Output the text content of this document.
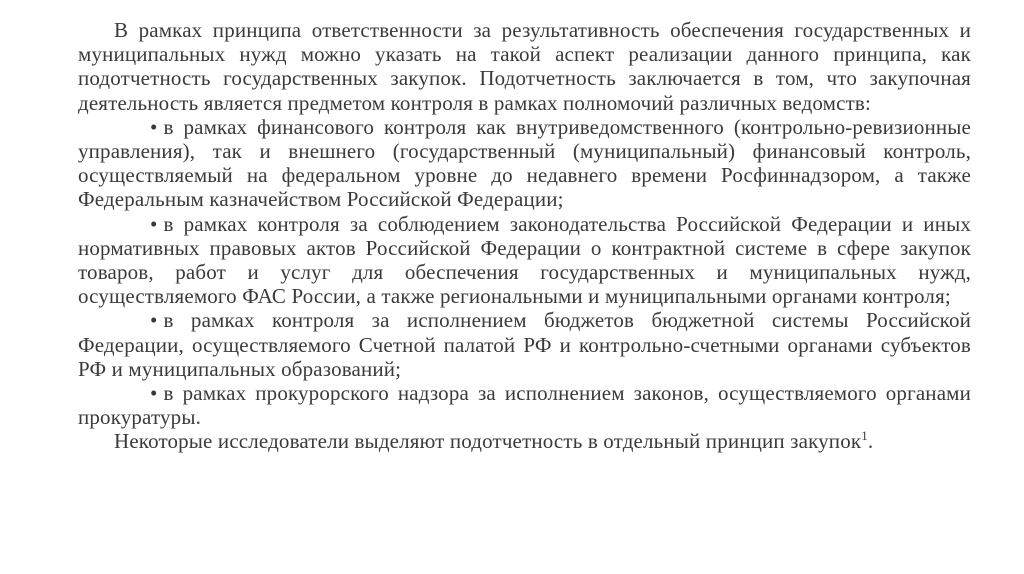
В рамках принципа ответственности за результативность обеспечения государственных и муниципальных нужд можно указать на такой аспект реализации данного принципа, как подотчетность государственных закупок. Подотчетность заключается в том, что закупочная деятельность является предметом контроля в рамках полномочий различных ведомств:

• в рамках финансового контроля как внутриведомственного (контрольно-ревизионные управления), так и внешнего (государственный (муниципальный) финансовый контроль, осуществляемый на федеральном уровне до недавнего времени Росфиннадзором, а также Федеральным казначейством Российской Федерации;

• в рамках контроля за соблюдением законодательства Российской Федерации и иных нормативных правовых актов Российской Федерации о контрактной системе в сфере закупок товаров, работ и услуг для обеспечения государственных и муниципальных нужд, осуществляемого ФАС России, а также региональными и муниципальными органами контроля;

• в рамках контроля за исполнением бюджетов бюджетной системы Российской Федерации, осуществляемого Счетной палатой РФ и контрольно-счетными органами субъектов РФ и муниципальных образований;

• в рамках прокурорского надзора за исполнением законов, осуществляемого органами прокуратуры.

Некоторые исследователи выделяют подотчетность в отдельный принцип закупок$^1$.
